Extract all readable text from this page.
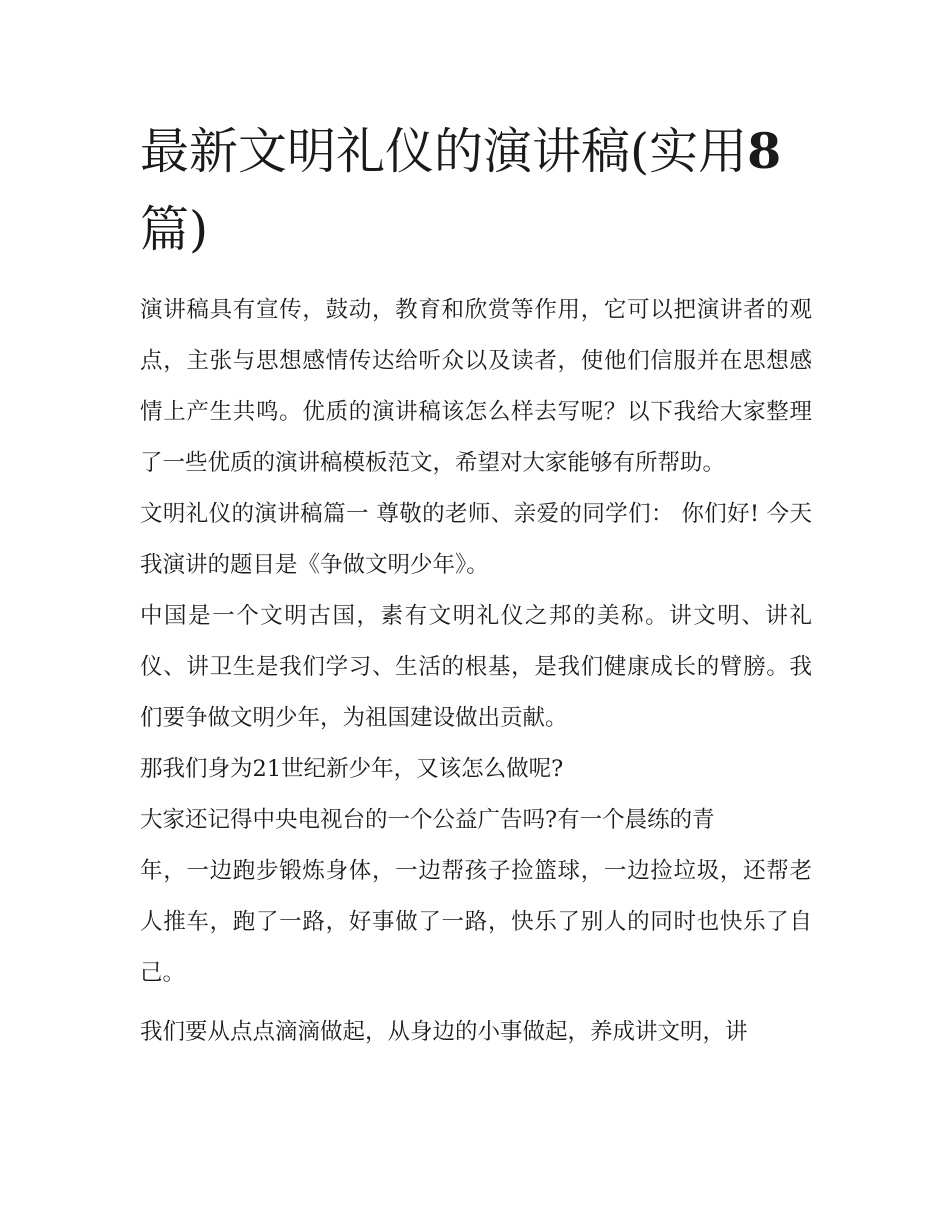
最新文明礼仪的演讲稿(实用8
篇)

演讲稿具有宣传，鼓动，教育和欣赏等作用，它可以把演讲者的观点，主张与思想感情传达给听众以及读者，使他们信服并在思想感情上产生共鸣。优质的演讲稿该怎么样去写呢？以下我给大家整理了一些优质的演讲稿模板范文，希望对大家能够有所帮助。

文明礼仪的演讲稿篇一 尊敬的老师、亲爱的同学们： 你们好! 今天我演讲的题目是《争做文明少年》。

中国是一个文明古国，素有文明礼仪之邦的美称。讲文明、讲礼仪、讲卫生是我们学习、生活的根基，是我们健康成长的臂膀。我们要争做文明少年，为祖国建设做出贡献。

那我们身为21世纪新少年，又该怎么做呢?

大家还记得中央电视台的一个公益广告吗?有一个晨练的青

年，一边跑步锻炼身体，一边帮孩子捡篮球，一边捡垃圾，还帮老人推车，跑了一路，好事做了一路，快乐了别人的同时也快乐了自己。

我们要从点点滴滴做起，从身边的小事做起，养成讲文明，讲
